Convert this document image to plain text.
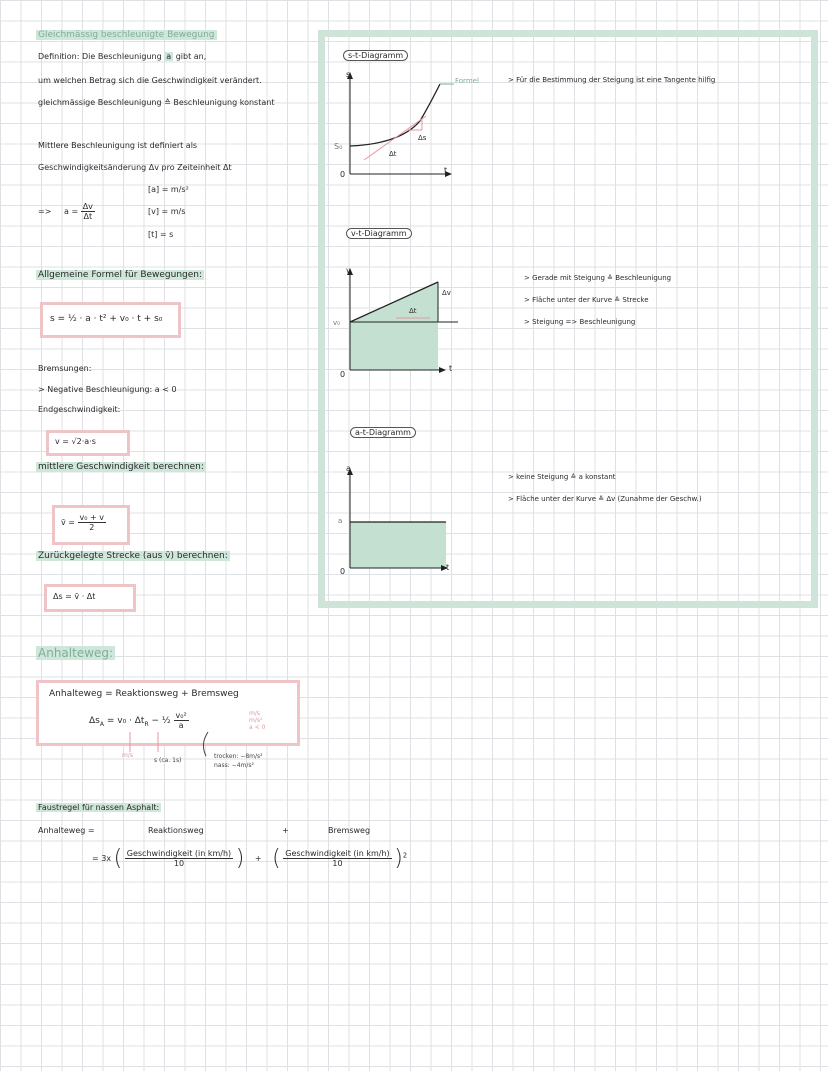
Gleichmässig beschleunigte Bewegung
Definition: Die Beschleunigung a gibt an,
um welchen Betrag sich die Geschwindigkeit verändert.
gleichmässige Beschleunigung ≙ Beschleunigung konstant
Mittlere Beschleunigung ist definiert als
Geschwindigkeitsänderung Δv pro Zeiteinheit Δt
[a] = m/s²
[v] = m/s
[t] = s
=> $a = \frac{\Delta v}{\Delta t}$
Allgemeine Formel für Bewegungen:
s = ½ · a · t² + v₀ · t + s₀
Bremsungen:
> Negative Beschleunigung: a < 0
Endgeschwindigkeit:
v = √2·a·s
mittlere Geschwindigkeit berechnen:
v̄ = $\frac{\text{v₀ + v}}{2}$
Zurückgelegte Strecke (aus v̄) berechnen:
Δs = v̄ · Δt
Anhalteweg:
Anhalteweg = Reaktionsweg + Bremsweg
$\Delta s_A = v_0 \cdot \Delta t_R$ − ½ $\frac{\text{v₀²}}{a}$	m/s
m/s²
a < 0
m/s
s (ca. 1s)
trocken: −8m/s²
nass: −4m/s²
Faustregel für nassen Asphalt:
Anhalteweg =	Reaktionsweg	+	Bremsweg
= 3x ( $\frac{\text{Geschwindigkeit (in km/h)}}{10}$ ) + ( $\frac{\text{Geschwindigkeit (in km/h)}}{10} )^2$
s-t-Diagramm
s
t
0
S₀
Δt
Δs
Formel	> Für die Bestimmung der Steigung ist eine Tangente hilfig
v-t-Diagramm
v
t
0
v₀
Δv
Δt
> Gerade mit Steigung ≙ Beschleunigung
> Fläche unter der Kurve ≙ Strecke
> Steigung => Beschleunigung
a-t-Diagramm
a
t
0
a
> keine Steigung ≙ a konstant
> Fläche unter der Kurve ≙ Δv (Zunahme der Geschw.)
